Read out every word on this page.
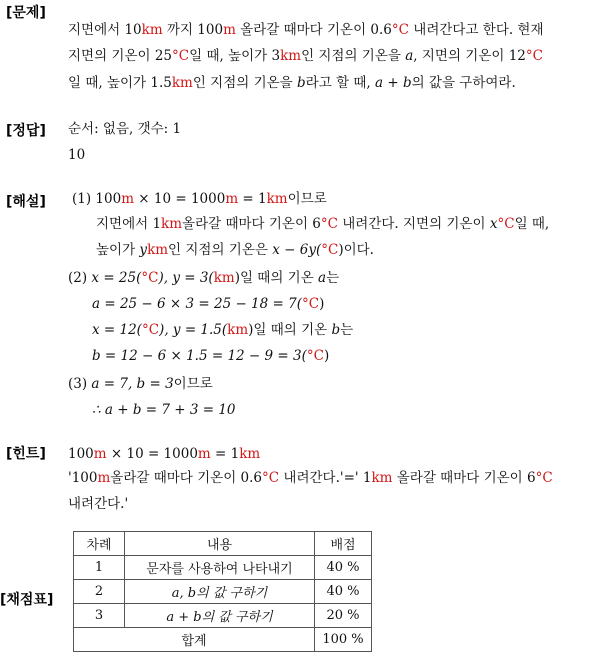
[문제]
[정답]
[해설]
[힌트]
[채점표]
지면에서 10km 까지 100m 올라갈 때마다 기온이 0.6°C 내려간다고 한다. 현재
지면의 기온이 25°C일 때, 높이가 3km인 지점의 기온을 a, 지면의 기온이 12°C
일 때, 높이가 1.5km인 지점의 기온을 b라고 할 때, a + b의 값을 구하여라.
순서: 없음, 갯수: 1
10
(1) 100m × 10 = 1000m = 1km이므로
지면에서 1km올라갈 때마다 기온이 6°C 내려간다. 지면의 기온이 x°C일 때,
높이가 ykm인 지점의 기온은 x − 6y(°C)이다.
(2) x = 25(°C), y = 3(km)일 때의 기온 a는
a = 25 − 6 × 3 = 25 − 18 = 7(°C)
x = 12(°C), y = 1.5(km)일 때의 기온 b는
b = 12 − 6 × 1.5 = 12 − 9 = 3(°C)
(3) a = 7, b = 3이므로
∴ a + b = 7 + 3 = 10
100m × 10 = 1000m = 1km
'100m올라갈 때마다 기온이 0.6°C 내려간다.'=' 1km 올라갈 때마다 기온이 6°C
내려간다.'
차례	내용	배점
1	문자를 사용하여 나타내기	40 %
2	a, b의 값 구하기	40 %
3	a + b의 값 구하기	20 %
합계		100 %
